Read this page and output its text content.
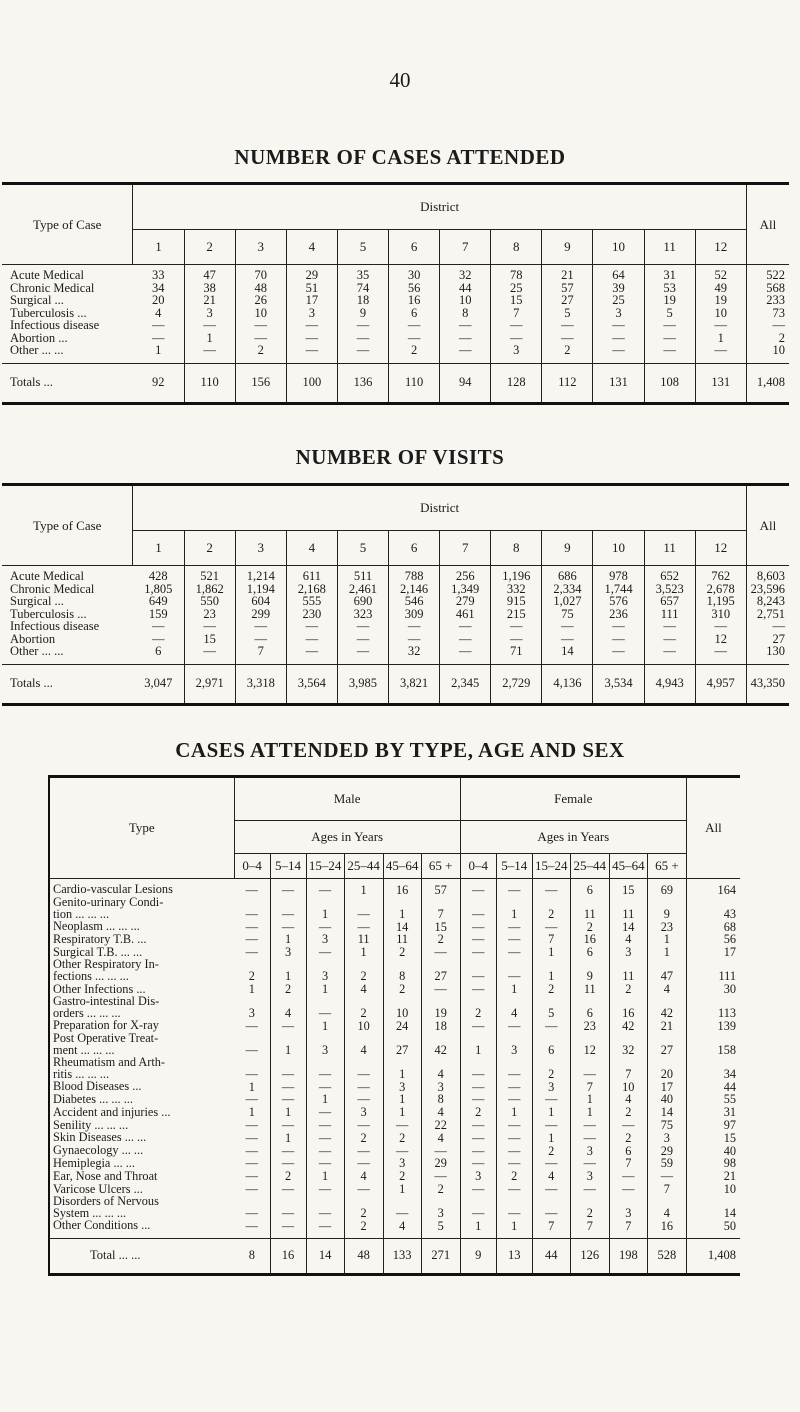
40
NUMBER OF CASES ATTENDED
Type of Case	District												All
	1	2	3	4	5	6	7	8	9	10	11	12	
Acute Medical	33	47	70	29	35	30	32	78	21	64	31	52	522
Chronic Medical	34	38	48	51	74	56	44	25	57	39	53	49	568
Surgical ...	20	21	26	17	18	16	10	15	27	25	19	19	233
Tuberculosis ...	4	3	10	3	9	6	8	7	5	3	5	10	73
Infectious disease	—	—	—	—	—	—	—	—	—	—	—	—	—
Abortion ...	—	1	—	—	—	—	—	—	—	—	—	1	2
Other ... ...	1	—	2	—	—	2	—	3	2	—	—	—	10
Totals ...	92	110	156	100	136	110	94	128	112	131	108	131	1,408
NUMBER OF VISITS
Type of Case	District												All
	1	2	3	4	5	6	7	8	9	10	11	12	
Acute Medical	428	521	1,214	611	511	788	256	1,196	686	978	652	762	8,603
Chronic Medical	1,805	1,862	1,194	2,168	2,461	2,146	1,349	332	2,334	1,744	3,523	2,678	23,596
Surgical ...	649	550	604	555	690	546	279	915	1,027	576	657	1,195	8,243
Tuberculosis ...	159	23	299	230	323	309	461	215	75	236	111	310	2,751
Infectious disease	—	—	—	—	—	—	—	—	—	—	—	—	—
Abortion	—	15	—	—	—	—	—	—	—	—	—	12	27
Other ... ...	6	—	7	—	—	32	—	71	14	—	—	—	130
Totals ...	3,047	2,971	3,318	3,564	3,985	3,821	2,345	2,729	4,136	3,534	4,943	4,957	43,350
CASES ATTENDED BY TYPE, AGE AND SEX
Type	Male						Female						All
	Ages in Years						Ages in Years						
	0–4	5–14	15–24	25–44	45–64	65 +	0–4	5–14	15–24	25–44	45–64	65 +	
Cardio-vascular Lesions	—	—	—	1	16	57	—	—	—	6	15	69	164
Genito-urinary Condi-
tion ... ... ...	—	—	1	—	1	7	—	1	2	11	11	9	43
Neoplasm ... ... ...	—	—	—	—	14	15	—	—	—	2	14	23	68
Respiratory T.B. ...	—	1	3	11	11	2	—	—	7	16	4	1	56
Surgical T.B. ... ...	—	3	—	1	2	—	—	—	1	6	3	1	17
Other Respiratory In-
fections ... ... ...	2	1	3	2	8	27	—	—	1	9	11	47	111
Other Infections ...	1	2	1	4	2	—	—	1	2	11	2	4	30
Gastro-intestinal Dis-
orders ... ... ...	3	4	—	2	10	19	2	4	5	6	16	42	113
Preparation for X-ray	—	—	1	10	24	18	—	—	—	23	42	21	139
Post Operative Treat-
ment ... ... ...	—	1	3	4	27	42	1	3	6	12	32	27	158
Rheumatism and Arth-
ritis ... ... ...	—	—	—	—	1	4	—	—	2	—	7	20	34
Blood Diseases ...	1	—	—	—	3	3	—	—	3	7	10	17	44
Diabetes ... ... ...	—	—	1	—	1	8	—	—	—	1	4	40	55
Accident and injuries ...	1	1	—	3	1	4	2	1	1	1	2	14	31
Senility ... ... ...	—	—	—	—	—	22	—	—	—	—	—	75	97
Skin Diseases ... ...	—	1	—	2	2	4	—	—	1	—	2	3	15
Gynaecology ... ...	—	—	—	—	—	—	—	—	2	3	6	29	40
Hemiplegia ... ...	—	—	—	—	3	29	—	—	—	—	7	59	98
Ear, Nose and Throat	—	2	1	4	2	—	3	2	4	3	—	—	21
Varicose Ulcers ...	—	—	—	—	1	2	—	—	—	—	—	7	10
Disorders of Nervous
System ... ... ...	—	—	—	2	—	3	—	—	—	2	3	4	14
Other Conditions ...	—	—	—	2	4	5	1	1	7	7	7	16	50
Total ... ...	8	16	14	48	133	271	9	13	44	126	198	528	1,408
